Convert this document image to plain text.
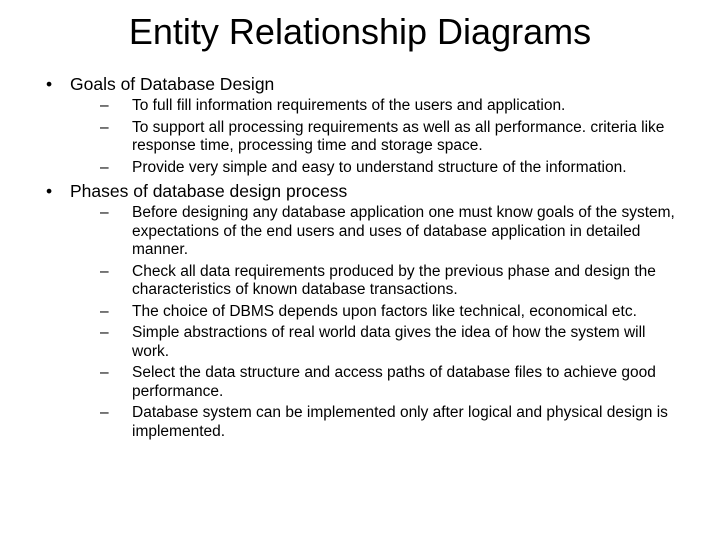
Entity Relationship Diagrams
•	Goals of Database Design
–	To full fill information requirements of the users and application.
–	To support all processing requirements as well as all performance. criteria like response time, processing time and storage space.
–	Provide very simple and easy to understand structure of the information.
•	Phases of database design process
–	Before designing any database application one must know goals of the system, expectations of the end users and uses of database application in detailed manner.
–	Check all data requirements produced by the previous phase and design the characteristics of known database transactions.
–	The choice of DBMS depends upon factors like technical, economical etc.
–	Simple abstractions of real world data gives the idea of how the system will work.
–	Select the data structure and access paths of database files to achieve good performance.
–	Database system can be implemented only after logical and physical design is implemented.
